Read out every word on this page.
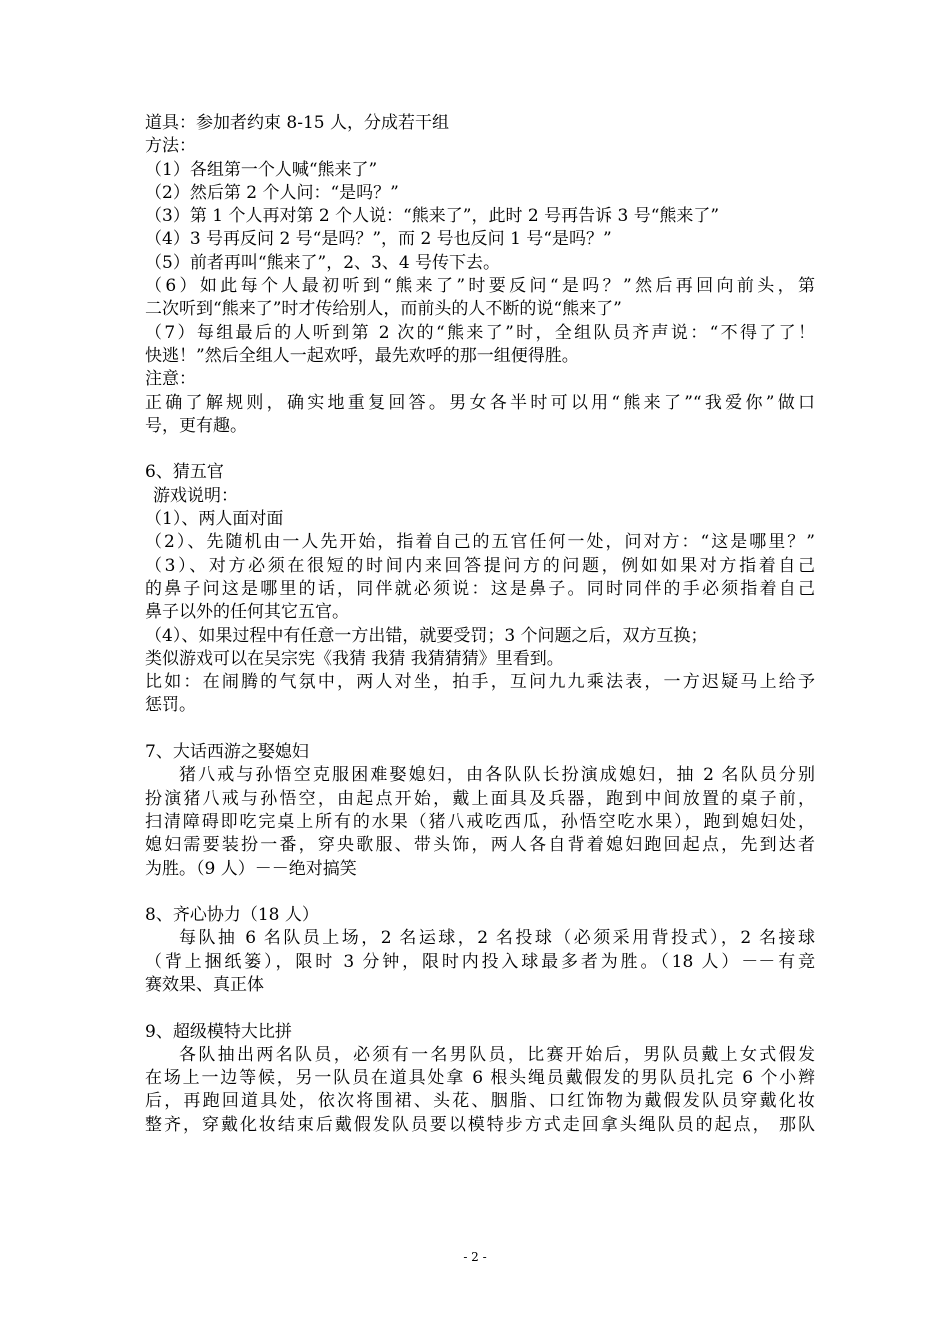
道具：参加者约束 8-15 人，分成若干组
方法：
（1）各组第一个人喊“熊来了”
（2）然后第 2 个人问：“是吗？”
（3）第 1 个人再对第 2 个人说：“熊来了”，此时 2 号再告诉 3 号“熊来了”
（4）3 号再反问 2 号“是吗？”，而 2 号也反问 1 号“是吗？”
（5）前者再叫“熊来了”，2、3、4 号传下去。
（6）如此每个人最初听到“熊来了”时要反问“是吗？”然后再回向前头，第
二次听到“熊来了”时才传给别人，而前头的人不断的说“熊来了”
（7）每组最后的人听到第 2 次的“熊来了”时，全组队员齐声说：“不得了了！
快逃！”然后全组人一起欢呼，最先欢呼的那一组便得胜。
注意：
正确了解规则，确实地重复回答。男女各半时可以用“熊来了”“我爱你”做口
号，更有趣。
6、猜五官
游戏说明：
（1）、两人面对面
（2）、先随机由一人先开始，指着自己的五官任何一处，问对方：“这是哪里？”
（3）、对方必须在很短的时间内来回答提问方的问题，例如如果对方指着自己
的鼻子问这是哪里的话，同伴就必须说：这是鼻子。同时同伴的手必须指着自己
鼻子以外的任何其它五官。
（4）、如果过程中有任意一方出错，就要受罚；3 个问题之后，双方互换；
类似游戏可以在吴宗宪《我猜 我猜 我猜猜猜》里看到。
比如：在闹腾的气氛中，两人对坐，拍手，互问九九乘法表，一方迟疑马上给予
惩罚。
7、大话西游之娶媳妇
猪八戒与孙悟空克服困难娶媳妇，由各队队长扮演成媳妇，抽 2 名队员分别
扮演猪八戒与孙悟空，由起点开始，戴上面具及兵器，跑到中间放置的桌子前，
扫清障碍即吃完桌上所有的水果（猪八戒吃西瓜，孙悟空吃水果），跑到媳妇处，
媳妇需要装扮一番，穿央歌服、带头饰，两人各自背着媳妇跑回起点，先到达者
为胜。（9 人）－－绝对搞笑
8、齐心协力（18 人）
每队抽 6 名队员上场，2 名运球，2 名投球（必须采用背投式），2 名接球
（背上捆纸篓），限时 3 分钟，限时内投入球最多者为胜。（18 人）－－有竞
赛效果、真正体
9、超级模特大比拼
各队抽出两名队员，必须有一名男队员，比赛开始后，男队员戴上女式假发
在场上一边等候，另一队员在道具处拿 6 根头绳员戴假发的男队员扎完 6 个小辫
后，再跑回道具处，依次将围裙、头花、胭脂、口红饰物为戴假发队员穿戴化妆
整齐，穿戴化妆结束后戴假发队员要以模特步方式走回拿头绳队员的起点， 那队
- 2 -
